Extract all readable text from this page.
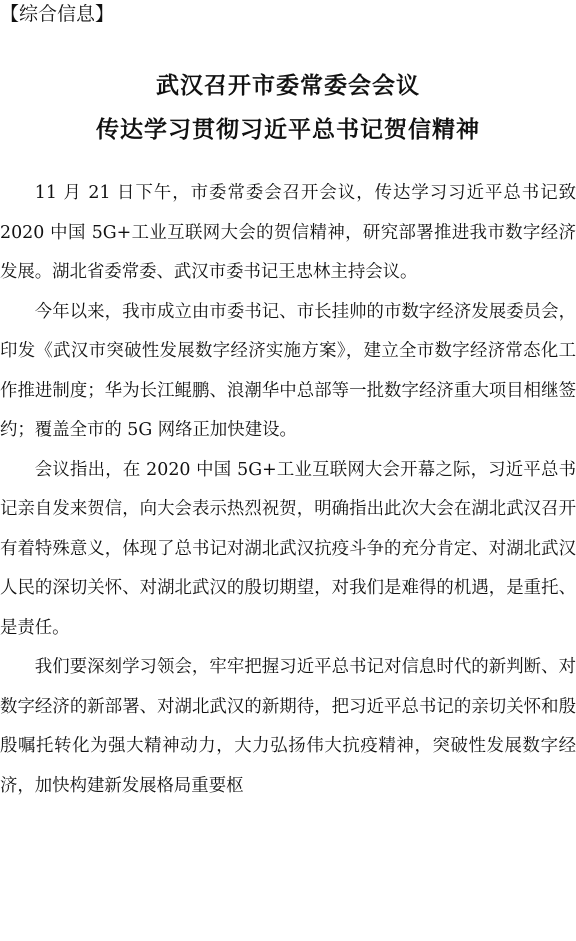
【综合信息】
武汉召开市委常委会会议
传达学习贯彻习近平总书记贺信精神

11 月 21 日下午，市委常委会召开会议，传达学习习近平总书记致 2020 中国 5G+工业互联网大会的贺信精神，研究部署推进我市数字经济发展。湖北省委常委、武汉市委书记王忠林主持会议。

今年以来，我市成立由市委书记、市长挂帅的市数字经济发展委员会，印发《武汉市突破性发展数字经济实施方案》，建立全市数字经济常态化工作推进制度；华为长江鲲鹏、浪潮华中总部等一批数字经济重大项目相继签约；覆盖全市的 5G 网络正加快建设。

会议指出，在 2020 中国 5G+工业互联网大会开幕之际，习近平总书记亲自发来贺信，向大会表示热烈祝贺，明确指出此次大会在湖北武汉召开有着特殊意义，体现了总书记对湖北武汉抗疫斗争的充分肯定、对湖北武汉人民的深切关怀、对湖北武汉的殷切期望，对我们是难得的机遇，是重托、是责任。

我们要深刻学习领会，牢牢把握习近平总书记对信息时代的新判断、对数字经济的新部署、对湖北武汉的新期待，把习近平总书记的亲切关怀和殷殷嘱托转化为强大精神动力，大力弘扬伟大抗疫精神，突破性发展数字经济，加快构建新发展格局重要枢
